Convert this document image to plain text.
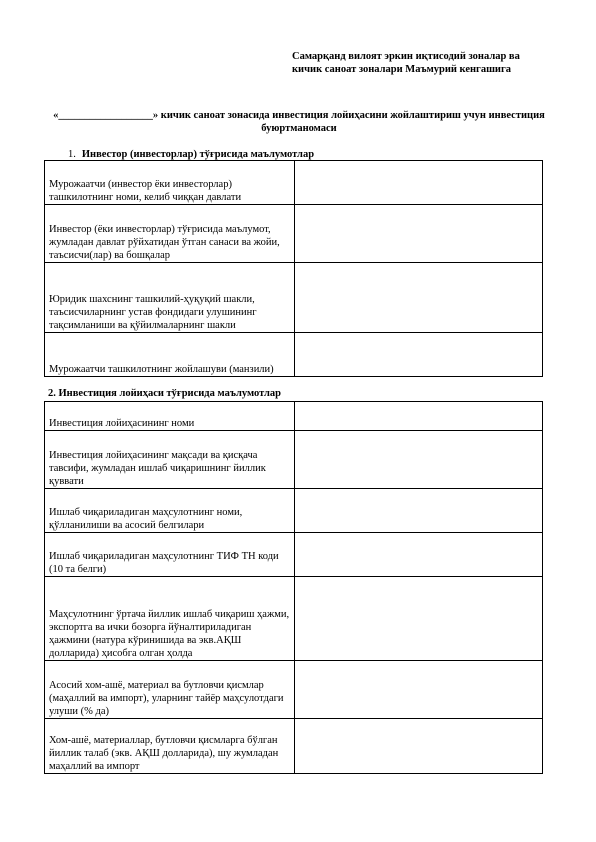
Самарқанд вилоят эркин иқтисодий зоналар ва кичик саноат зоналари Маъмурий кенгашига
«__________________» кичик саноат зонасида инвестиция лойиҳасини жойлаштириш учун инвестиция буюртманомаси
1. Инвестор (инвесторлар) тўғрисида маълумотлар
Мурожаатчи (инвестор ёки инвесторлар) ташкилотнинг номи, келиб чиққан давлати	
Инвестор (ёки инвесторлар) тўғрисида маълумот, жумладан давлат рўйхатидан ўтган санаси ва жойи, таъсисчи(лар) ва бошқалар	
Юридик шахснинг ташкилий-ҳуқуқий шакли, таъсисчиларнинг устав фондидаги улушининг тақсимланиши ва қўйилмаларнинг шакли	
Мурожаатчи ташкилотнинг жойлашуви (манзили)	
2. Инвестиция лойиҳаси тўғрисида маълумотлар
Инвестиция лойиҳасининг номи	
Инвестиция лойиҳасининг мақсади ва қисқача тавсифи, жумладан ишлаб чиқаришнинг йиллик қуввати	
Ишлаб чиқариладиган маҳсулотнинг номи, қўлланилиши ва асосий белгилари	
Ишлаб чиқариладиган маҳсулотнинг ТИФ ТН коди (10 та белги)	
Маҳсулотнинг ўртача йиллик ишлаб чиқариш ҳажми, экспортга ва ички бозорга йўналтириладиган ҳажмини (натура кўринишида ва экв.АҚШ долларида) ҳисобга олган ҳолда	
Асосий хом-ашё, материал ва бутловчи қисмлар (маҳаллий ва импорт), уларнинг тайёр маҳсулотдаги улуши (% да)	
Хом-ашё, материаллар, бутловчи қисмларга бўлган йиллик талаб (экв. АҚШ долларида), шу жумладан маҳаллий ва импорт	
